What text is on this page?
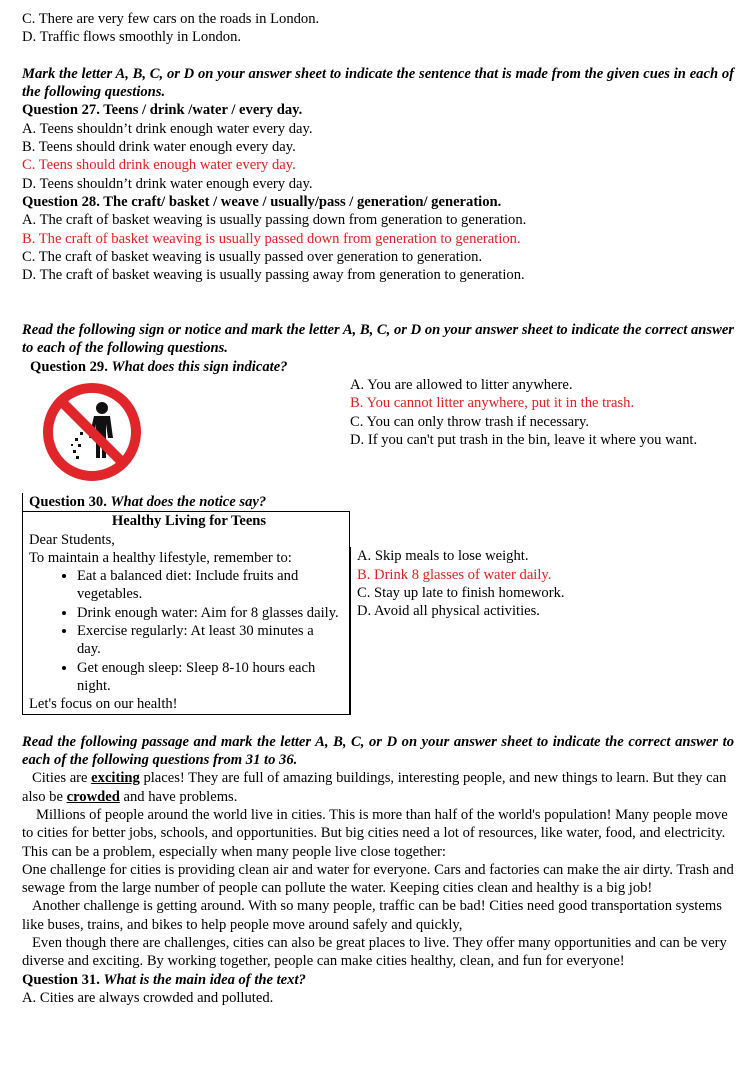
C. There are very few cars on the roads in London.
D. Traffic flows smoothly in London.
Mark the letter A, B, C, or D on your answer sheet to indicate the sentence that is made from the given cues in each of the following questions.
Question 27. Teens / drink /water / every day.
A. Teens shouldn’t drink enough water every day.
B. Teens should drink water enough every day.
C. Teens should drink enough water every day.
D. Teens shouldn’t drink water enough every day.
Question 28. The craft/ basket / weave / usually/pass / generation/ generation.
A. The craft of basket weaving is usually passing down from generation to generation.
B. The craft of basket weaving is usually passed down from generation to generation.
C. The craft of basket weaving is usually passed over generation to generation.
D. The craft of basket weaving is usually passing away from generation to generation.
Read the following sign or notice and mark the letter A, B, C, or D on your answer sheet to indicate the correct answer to each of the following questions.
Question 29. What does this sign indicate?
A. You are allowed to litter anywhere.
B. You cannot litter anywhere, put it in the trash.
C. You can only throw trash if necessary.
D. If you can't put trash in the bin, leave it where you want.
Question 30. What does the notice say?
Healthy Living for Teens
Dear Students,
To maintain a healthy lifestyle, remember to:
• Eat a balanced diet: Include fruits and vegetables.
• Drink enough water: Aim for 8 glasses daily.
• Exercise regularly: At least 30 minutes a day.
• Get enough sleep: Sleep 8-10 hours each night.
Let's focus on our health!
A. Skip meals to lose weight.
B. Drink 8 glasses of water daily.
C. Stay up late to finish homework.
D. Avoid all physical activities.
Read the following passage and mark the letter A, B, C, or D on your answer sheet to indicate the correct answer to each of the following questions from 31 to 36.
Cities are exciting places! They are full of amazing buildings, interesting people, and new things to learn. But they can also be crowded and have problems.
Millions of people around the world live in cities. This is more than half of the world's population! Many people move to cities for better jobs, schools, and opportunities. But big cities need a lot of resources, like water, food, and electricity. This can be a problem, especially when many people live close together:
One challenge for cities is providing clean air and water for everyone. Cars and factories can make the air dirty. Trash and sewage from the large number of people can pollute the water. Keeping cities clean and healthy is a big job!
Another challenge is getting around. With so many people, traffic can be bad! Cities need good transportation systems like buses, trains, and bikes to help people move around safely and quickly,
Even though there are challenges, cities can also be great places to live. They offer many opportunities and can be very diverse and exciting. By working together, people can make cities healthy, clean, and fun for everyone!
Question 31. What is the main idea of the text?
A. Cities are always crowded and polluted.
